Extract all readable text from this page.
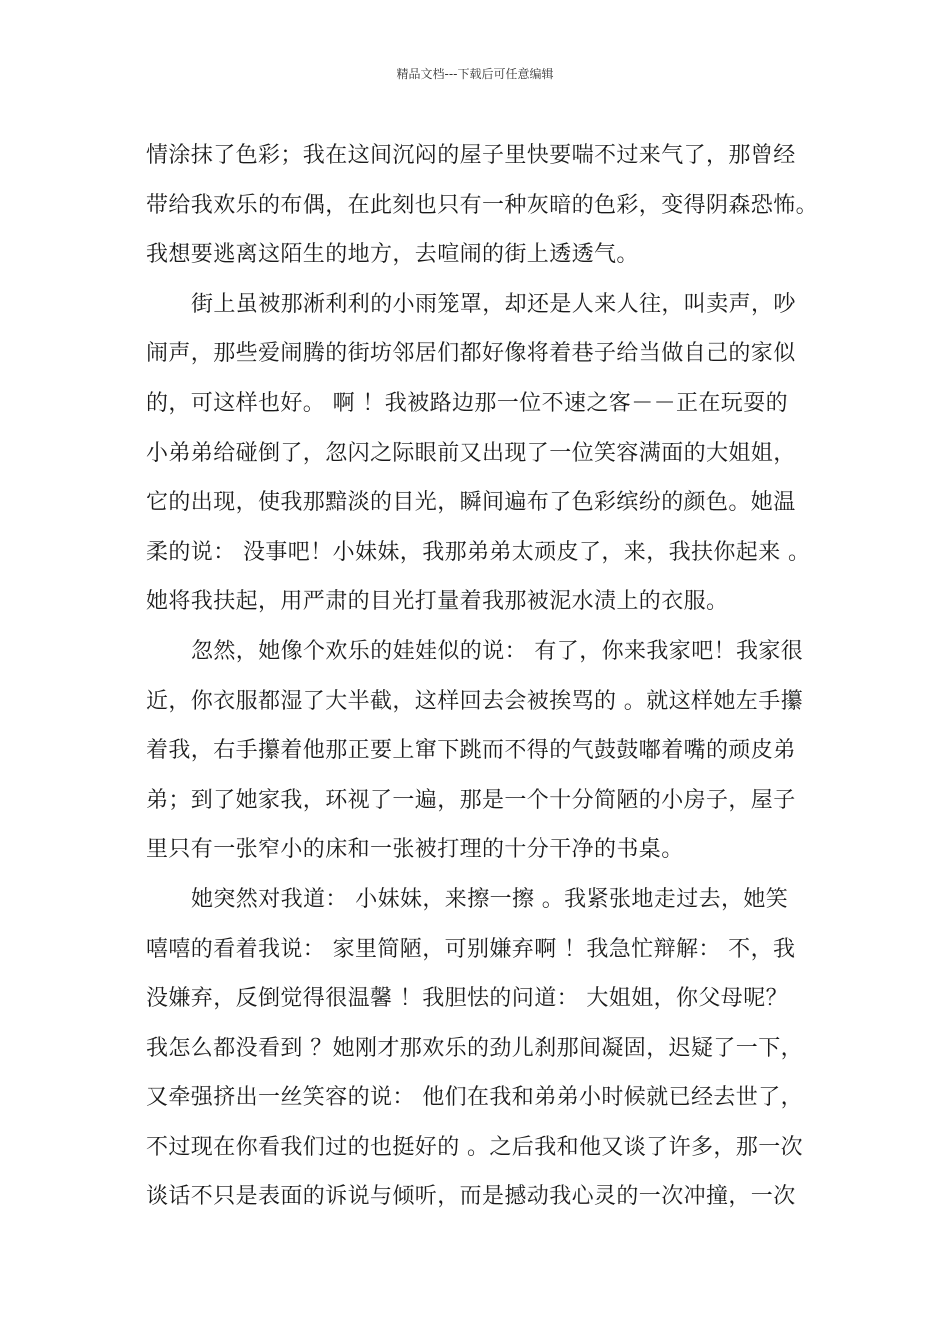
精品文档---下载后可任意编辑
情涂抹了色彩；我在这间沉闷的屋子里快要喘不过来气了，那曾经
带给我欢乐的布偶，在此刻也只有一种灰暗的色彩，变得阴森恐怖。
我想要逃离这陌生的地方，去喧闹的街上透透气。
街上虽被那淅利利的小雨笼罩，却还是人来人往，叫卖声，吵
闹声，那些爱闹腾的街坊邻居们都好像将着巷子给当做自己的家似
的，可这样也好。 啊 ！我被路边那一位不速之客－－正在玩耍的
小弟弟给碰倒了，忽闪之际眼前又出现了一位笑容满面的大姐姐，
它的出现，使我那黯淡的目光，瞬间遍布了色彩缤纷的颜色。她温
柔的说： 没事吧！小妹妹，我那弟弟太顽皮了，来，我扶你起来 。
她将我扶起，用严肃的目光打量着我那被泥水渍上的衣服。
忽然，她像个欢乐的娃娃似的说： 有了，你来我家吧！我家很
近，你衣服都湿了大半截，这样回去会被挨骂的 。就这样她左手攥
着我，右手攥着他那正要上窜下跳而不得的气鼓鼓嘟着嘴的顽皮弟
弟；到了她家我，环视了一遍，那是一个十分简陋的小房子，屋子
里只有一张窄小的床和一张被打理的十分干净的书桌。
她突然对我道： 小妹妹，来擦一擦 。我紧张地走过去，她笑
嘻嘻的看着我说： 家里简陋，可别嫌弃啊 ！我急忙辩解： 不，我
没嫌弃，反倒觉得很温馨 ！我胆怯的问道： 大姐姐，你父母呢？
我怎么都没看到 ？她刚才那欢乐的劲儿刹那间凝固，迟疑了一下，
又牵强挤出一丝笑容的说： 他们在我和弟弟小时候就已经去世了，
不过现在你看我们过的也挺好的 。之后我和他又谈了许多，那一次
谈话不只是表面的诉说与倾听，而是撼动我心灵的一次冲撞，一次
